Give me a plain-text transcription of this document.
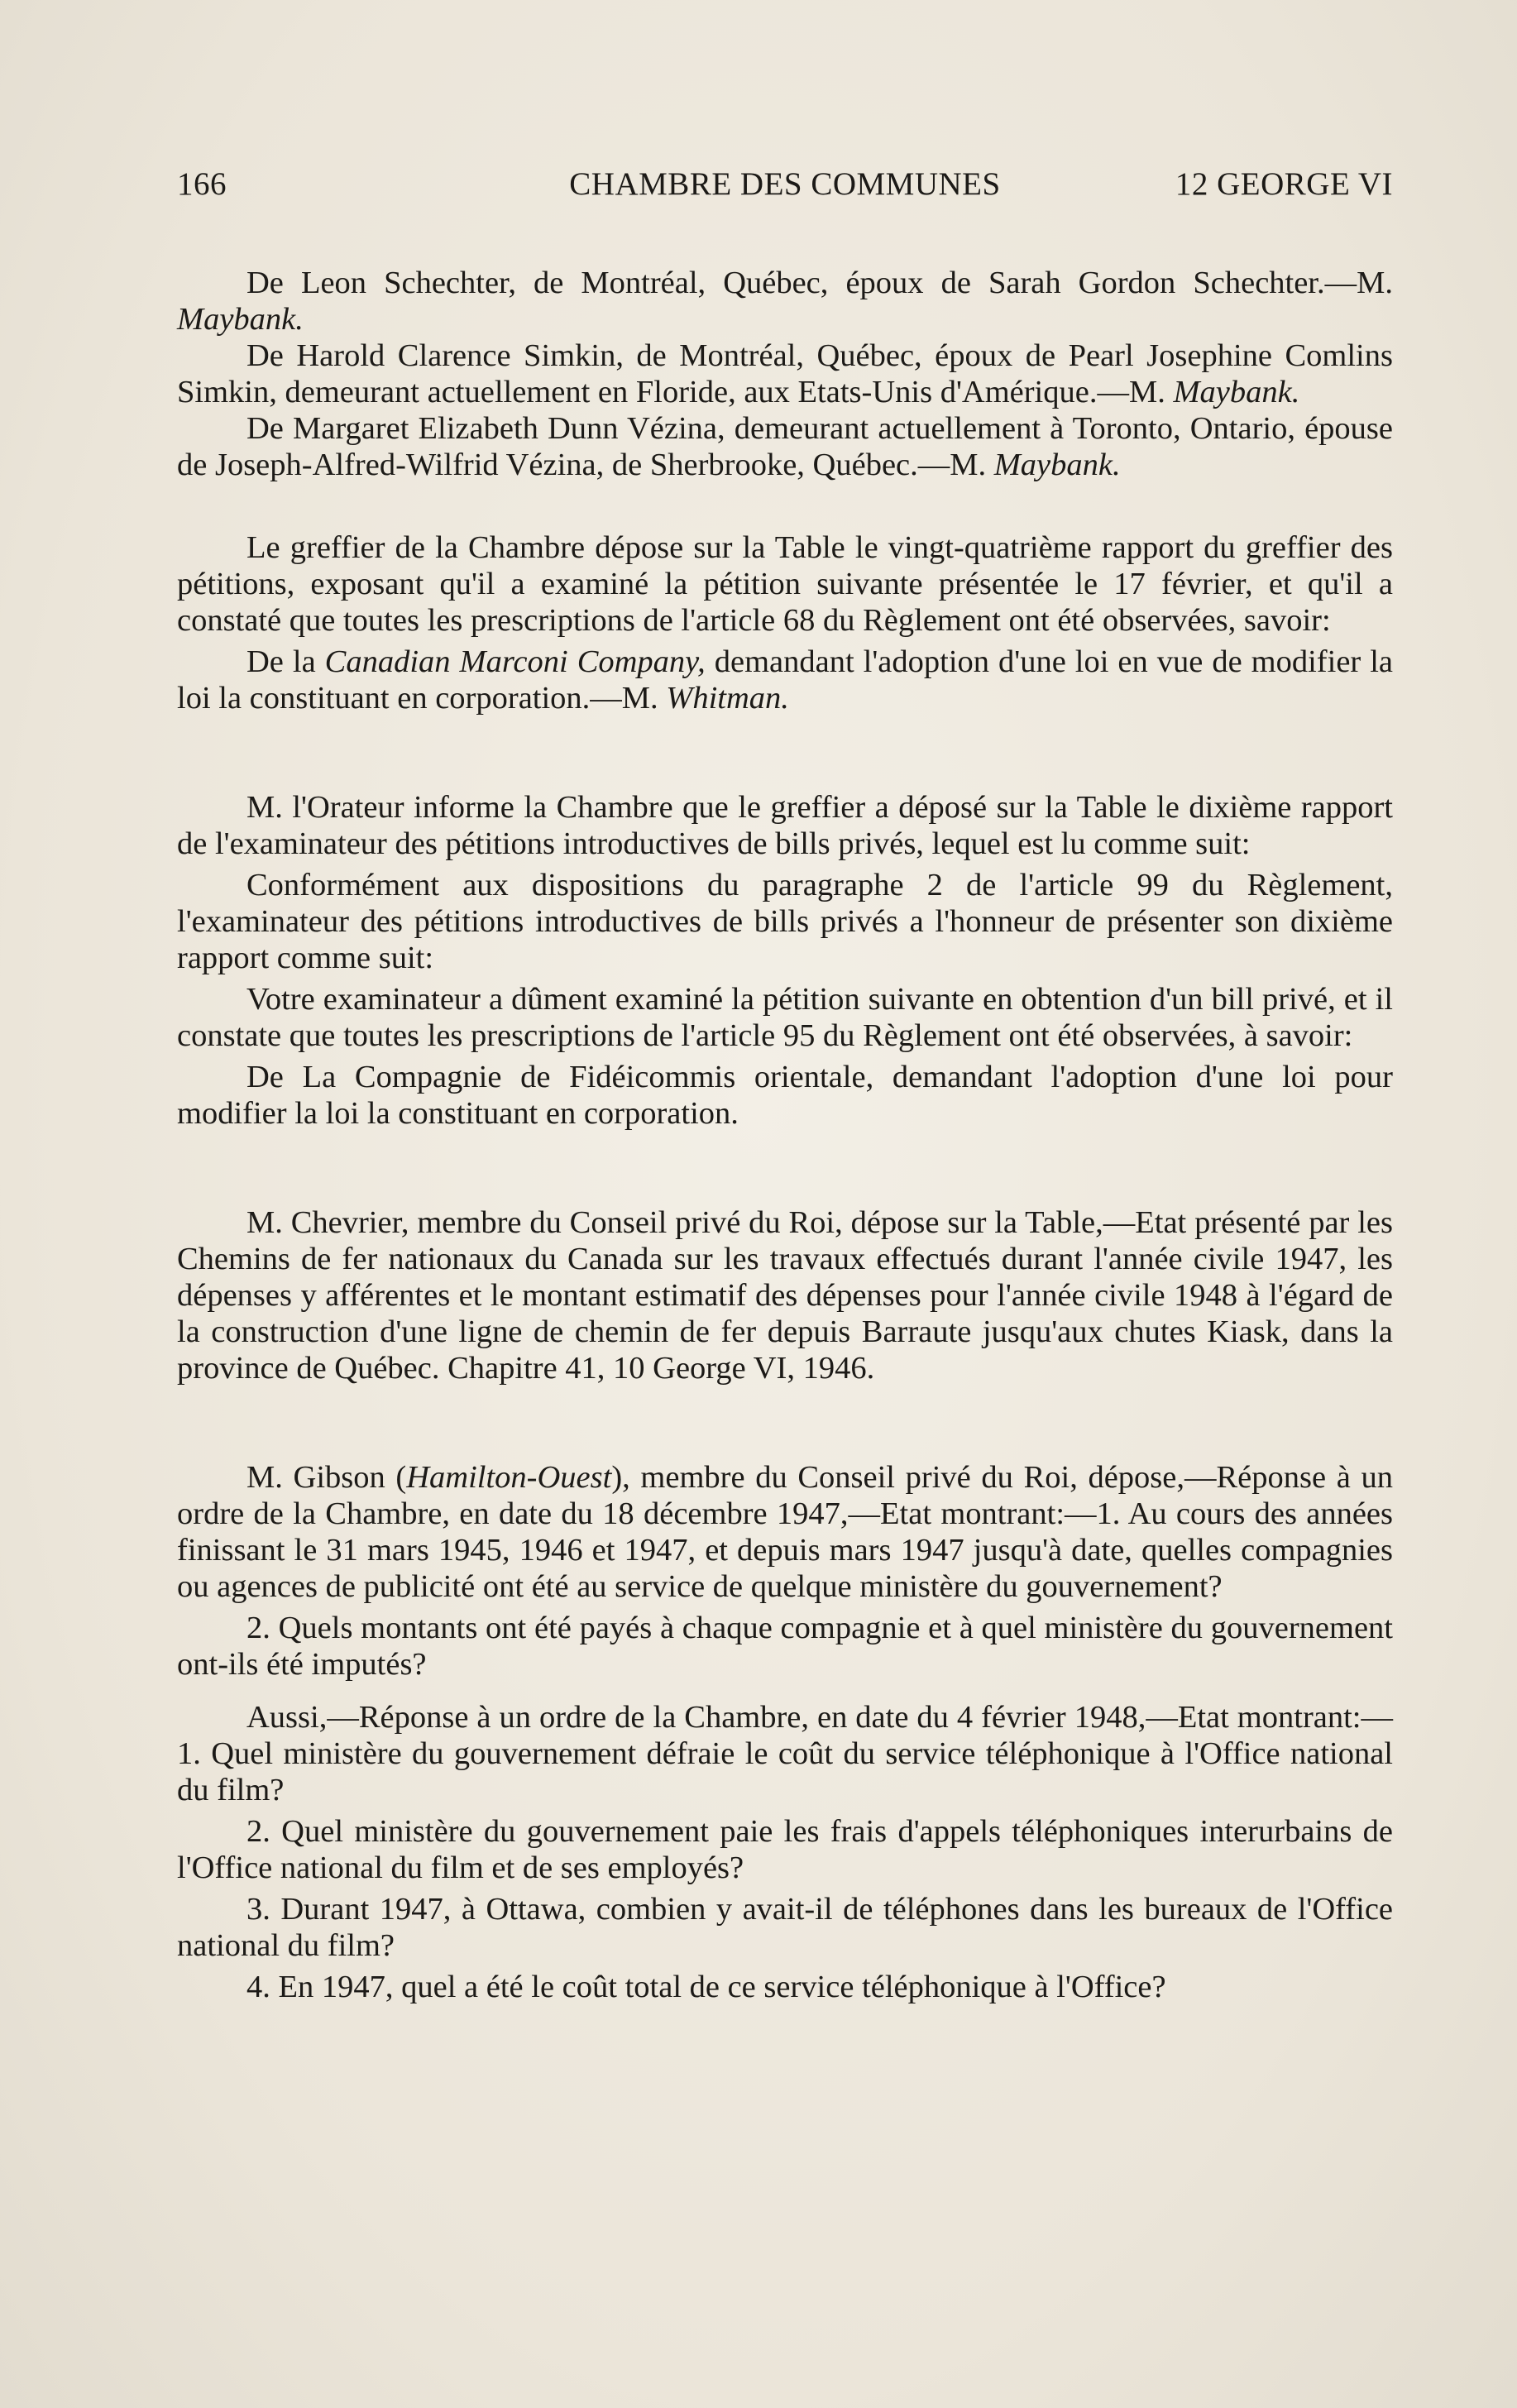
166	CHAMBRE DES COMMUNES	12 GEORGE VI

De Leon Schechter, de Montréal, Québec, époux de Sarah Gordon Schechter.—M. Maybank.

De Harold Clarence Simkin, de Montréal, Québec, époux de Pearl Josephine Comlins Simkin, demeurant actuellement en Floride, aux Etats-Unis d'Amérique.—M. Maybank.

De Margaret Elizabeth Dunn Vézina, demeurant actuellement à Toronto, Ontario, épouse de Joseph-Alfred-Wilfrid Vézina, de Sherbrooke, Québec.—M. Maybank.

Le greffier de la Chambre dépose sur la Table le vingt-quatrième rapport du greffier des pétitions, exposant qu'il a examiné la pétition suivante présentée le 17 février, et qu'il a constaté que toutes les prescriptions de l'article 68 du Règlement ont été observées, savoir:

De la Canadian Marconi Company, demandant l'adoption d'une loi en vue de modifier la loi la constituant en corporation.—M. Whitman.

M. l'Orateur informe la Chambre que le greffier a déposé sur la Table le dixième rapport de l'examinateur des pétitions introductives de bills privés, lequel est lu comme suit:

Conformément aux dispositions du paragraphe 2 de l'article 99 du Règlement, l'examinateur des pétitions introductives de bills privés a l'honneur de présenter son dixième rapport comme suit:

Votre examinateur a dûment examiné la pétition suivante en obtention d'un bill privé, et il constate que toutes les prescriptions de l'article 95 du Règlement ont été observées, à savoir:

De La Compagnie de Fidéicommis orientale, demandant l'adoption d'une loi pour modifier la loi la constituant en corporation.

M. Chevrier, membre du Conseil privé du Roi, dépose sur la Table,—Etat présenté par les Chemins de fer nationaux du Canada sur les travaux effectués durant l'année civile 1947, les dépenses y afférentes et le montant estimatif des dépenses pour l'année civile 1948 à l'égard de la construction d'une ligne de chemin de fer depuis Barraute jusqu'aux chutes Kiask, dans la province de Québec. Chapitre 41, 10 George VI, 1946.

M. Gibson (Hamilton-Ouest), membre du Conseil privé du Roi, dépose,—Réponse à un ordre de la Chambre, en date du 18 décembre 1947,—Etat montrant:—1. Au cours des années finissant le 31 mars 1945, 1946 et 1947, et depuis mars 1947 jusqu'à date, quelles compagnies ou agences de publicité ont été au service de quelque ministère du gouvernement?

2. Quels montants ont été payés à chaque compagnie et à quel ministère du gouvernement ont-ils été imputés?

Aussi,—Réponse à un ordre de la Chambre, en date du 4 février 1948,—Etat montrant:—1. Quel ministère du gouvernement défraie le coût du service téléphonique à l'Office national du film?

2. Quel ministère du gouvernement paie les frais d'appels téléphoniques interurbains de l'Office national du film et de ses employés?

3. Durant 1947, à Ottawa, combien y avait-il de téléphones dans les bureaux de l'Office national du film?

4. En 1947, quel a été le coût total de ce service téléphonique à l'Office?
